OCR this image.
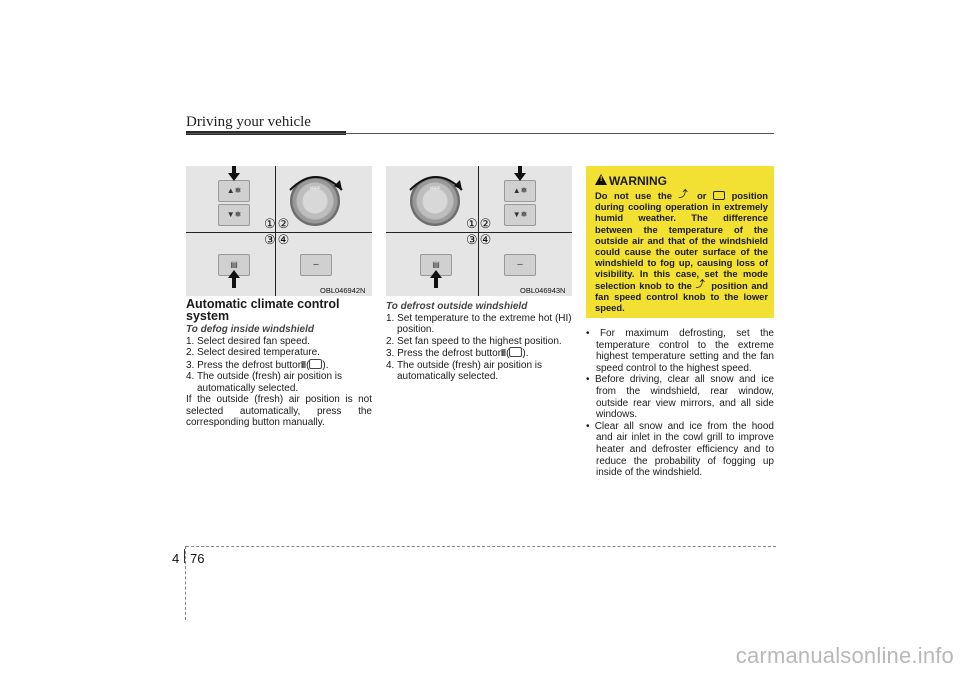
Driving your vehicle
▲❅
▼❅
MODE
①②
③④
▤	∽
OBL046942N
MODE	▲❅
▼❅
①②
③④
▤	∽
OBL046943N

Automatic climate control system

To defog inside windshield

1. Select desired fan speed.

2. Select desired temperature.

3. Press the defrost button ( ▓ ).

4. The outside (fresh) air position is automatically selected.

If the outside (fresh) air position is not selected automatically, press the corresponding button manually.

To defrost outside windshield

1. Set temperature to the extreme hot (HI) position.

2. Set fan speed to the highest position.

3. Press the defrost button ( ▓ ).

4. The outside (fresh) air position is automatically selected.

! WARNING

Do not use the ⤴	or	position during cooling operation in extremely humid weather. The difference between the temperature of the outside air and that of the windshield could cause the outer surface of the windshield to fog up, causing loss of visibility. In this case, set the mode selection knob to the ⤴ position and fan speed control knob to the lower speed.

• For maximum defrosting, set the temperature control to the extreme highest temperature setting and the fan speed control to the highest speed.

• Before driving, clear all snow and ice from the windshield, rear window, outside rear view mirrors, and all side windows.

• Clear all snow and ice from the hood and air inlet in the cowl grill to improve heater and defroster efficiency and to reduce the probability of fogging up inside of the windshield.

4 76
carmanualsonline.info
